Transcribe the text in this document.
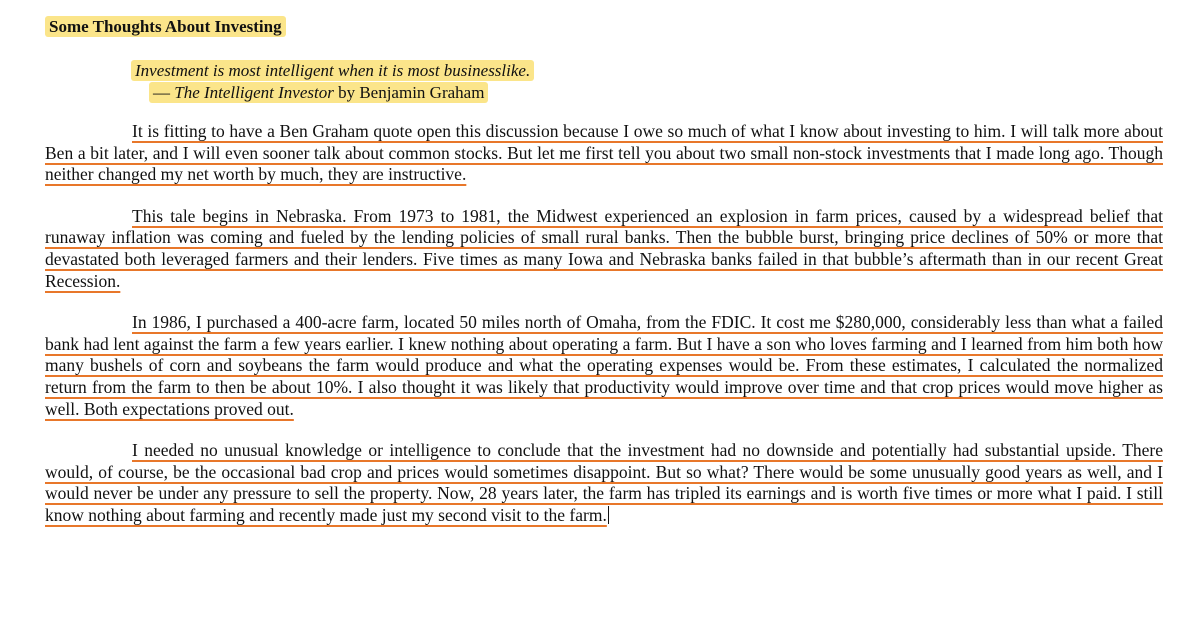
Some Thoughts About Investing
Investment is most intelligent when it is most businesslike.
— The Intelligent Investor by Benjamin Graham

It is fitting to have a Ben Graham quote open this discussion because I owe so much of what I know about investing to him. I will talk more about Ben a bit later, and I will even sooner talk about common stocks. But let me first tell you about two small non-stock investments that I made long ago. Though neither changed my net worth by much, they are instructive.

This tale begins in Nebraska. From 1973 to 1981, the Midwest experienced an explosion in farm prices, caused by a widespread belief that runaway inflation was coming and fueled by the lending policies of small rural banks. Then the bubble burst, bringing price declines of 50% or more that devastated both leveraged farmers and their lenders. Five times as many Iowa and Nebraska banks failed in that bubble’s aftermath than in our recent Great Recession.

In 1986, I purchased a 400-acre farm, located 50 miles north of Omaha, from the FDIC. It cost me $280,000, considerably less than what a failed bank had lent against the farm a few years earlier. I knew nothing about operating a farm. But I have a son who loves farming and I learned from him both how many bushels of corn and soybeans the farm would produce and what the operating expenses would be. From these estimates, I calculated the normalized return from the farm to then be about 10%. I also thought it was likely that productivity would improve over time and that crop prices would move higher as well. Both expectations proved out.

I needed no unusual knowledge or intelligence to conclude that the investment had no downside and potentially had substantial upside. There would, of course, be the occasional bad crop and prices would sometimes disappoint. But so what? There would be some unusually good years as well, and I would never be under any pressure to sell the property. Now, 28 years later, the farm has tripled its earnings and is worth five times or more what I paid. I still know nothing about farming and recently made just my second visit to the farm.
